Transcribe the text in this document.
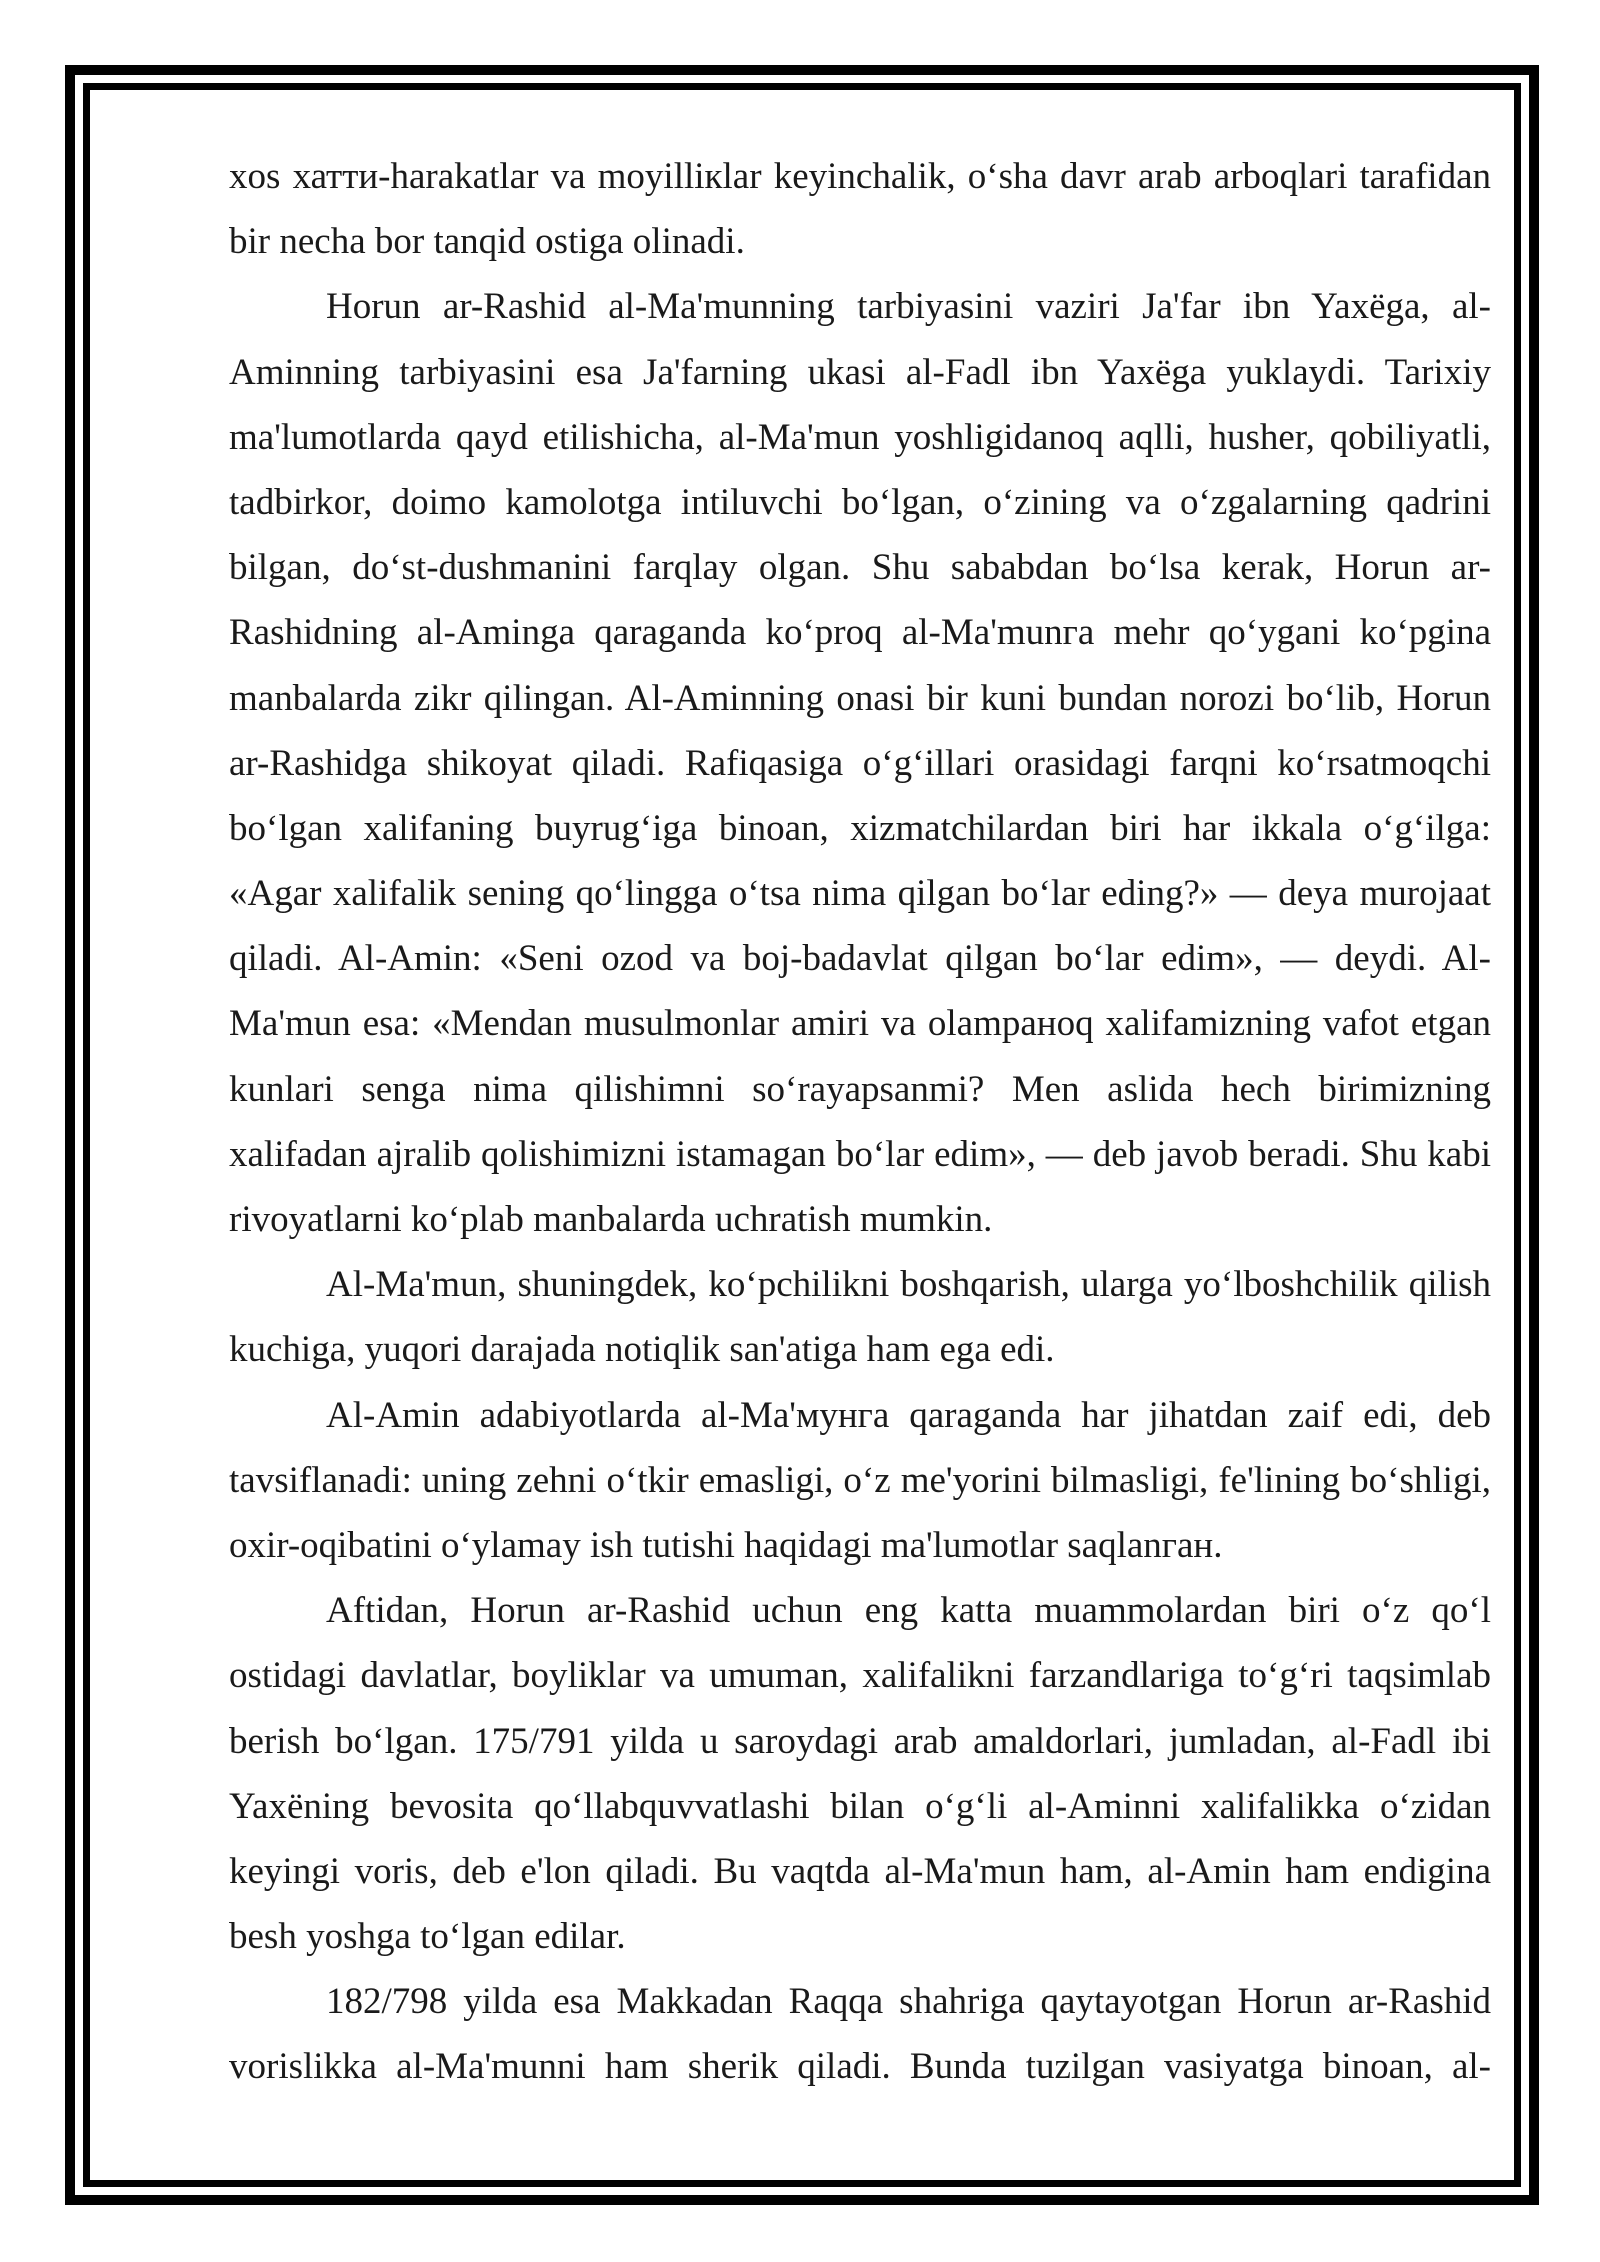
xos хатти-harakatlar va moyilliкlar keyinchalik, o‘sha davr arab arboqlari tarafidan
bir necha bor tanqid ostiga olinadi.
Horun ar-Rashid al-Ma'munning tarbiyasini vaziri Ja'far ibn Yaxёga, al-
Aminning tarbiyasini esa Ja'farning ukasi al-Fadl ibn Yaxёga yuklaydi. Tarixiy
ma'lumotlarda qayd etilishicha, al-Ma'mun yoshligidanoq aqlli, husher, qobiliyatli,
tadbirkor, doimo kamolotga intiluvchi bo‘lgan, o‘zining va o‘zgalarning qadrini
bilgan, do‘st-dushmanini farqlay olgan. Shu sababdan bo‘lsa kerak, Horun ar-
Rashidning al-Aminga qaraganda ko‘proq al-Ma'munга mehr qo‘ygani ko‘pgina
manbalarda zikr qilingan. Al-Aminning onasi bir kuni bundan norozi bo‘lib, Horun
ar-Rashidga shikoyat qiladi. Rafiqasiga o‘g‘illari orasidagi farqni ko‘rsatmoqchi
bo‘lgan xalifaning buyrug‘iga binoan, xizmatchilardan biri har ikkala o‘g‘ilga:
«Agar xalifalik sening qo‘lingga o‘tsa nima qilgan bo‘lar eding?» — deya murojaat
qiladi. Al-Amin: «Seni ozod va boj-badavlat qilgan bo‘lar edim», — deydi. Al-
Ma'mun esa: «Mendan musulmonlar amiri va olampaноq xalifamizning vafot etgan
kunlari senga nima qilishimni so‘rayapsanmi? Men aslida hech birimizning
xalifadan ajralib qolishimizni istamagan bo‘lar edim», — deb javob beradi. Shu kabi
rivoyatlarni ko‘plab manbalarda uchratish mumkin.
Al-Ma'mun, shuningdek, ko‘pchilikni boshqarish, ularga yo‘lboshchilik qilish
kuchiga, yuqori darajada notiqlik san'atiga ham ega edi.
Al-Amin adabiyotlarda al-Ma'мунга qaraganda har jihatdan zaif edi, deb
tavsiflanadi: uning zehni o‘tkir emasligi, o‘z me'yorini bilmasligi, fe'lining bo‘shligi,
oxir-oqibatini o‘ylamay ish tutishi haqidagi ma'lumotlar saqlanган.
Aftidan, Horun ar-Rashid uchun eng katta muammolardan biri o‘z qo‘l
ostidagi davlatlar, boyliklar va umuman, xalifalikni farzandlariga to‘g‘ri taqsimlab
berish bo‘lgan. 175/791 yilda u saroydagi arab amaldorlari, jumladan, al-Fadl ibi
Yaxёning bevosita qo‘llabquvvatlashi bilan o‘g‘li al-Aminni xalifalikka o‘zidan
keyingi voris, deb e'lon qiladi. Bu vaqtda al-Ma'mun ham, al-Amin ham endigina
besh yoshga to‘lgan edilar.
182/798 yilda esa Makkadan Raqqa shahriga qaytayotgan Horun ar-Rashid
vorislikka al-Ma'munni ham sherik qiladi. Bunda tuzilgan vasiyatga binoan, al-
